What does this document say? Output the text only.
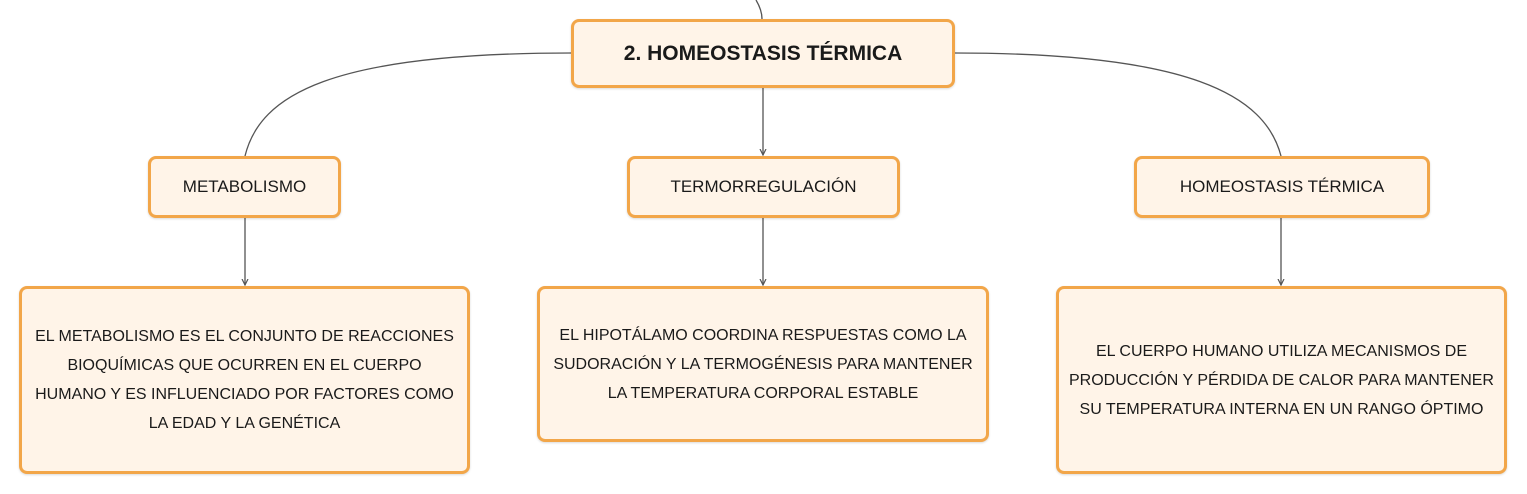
2. HOMEOSTASIS TÉRMICA
METABOLISMO	TERMORREGULACIÓN	HOMEOSTASIS TÉRMICA
EL METABOLISMO ES EL CONJUNTO DE REACCIONES BIOQUÍMICAS QUE OCURREN EN EL CUERPO HUMANO Y ES INFLUENCIADO POR FACTORES COMO LA EDAD Y LA GENÉTICA
EL HIPOTÁLAMO COORDINA RESPUESTAS COMO LA SUDORACIÓN Y LA TERMOGÉNESIS PARA MANTENER LA TEMPERATURA CORPORAL ESTABLE
EL CUERPO HUMANO UTILIZA MECANISMOS DE PRODUCCIÓN Y PÉRDIDA DE CALOR PARA MANTENER SU TEMPERATURA INTERNA EN UN RANGO ÓPTIMO
